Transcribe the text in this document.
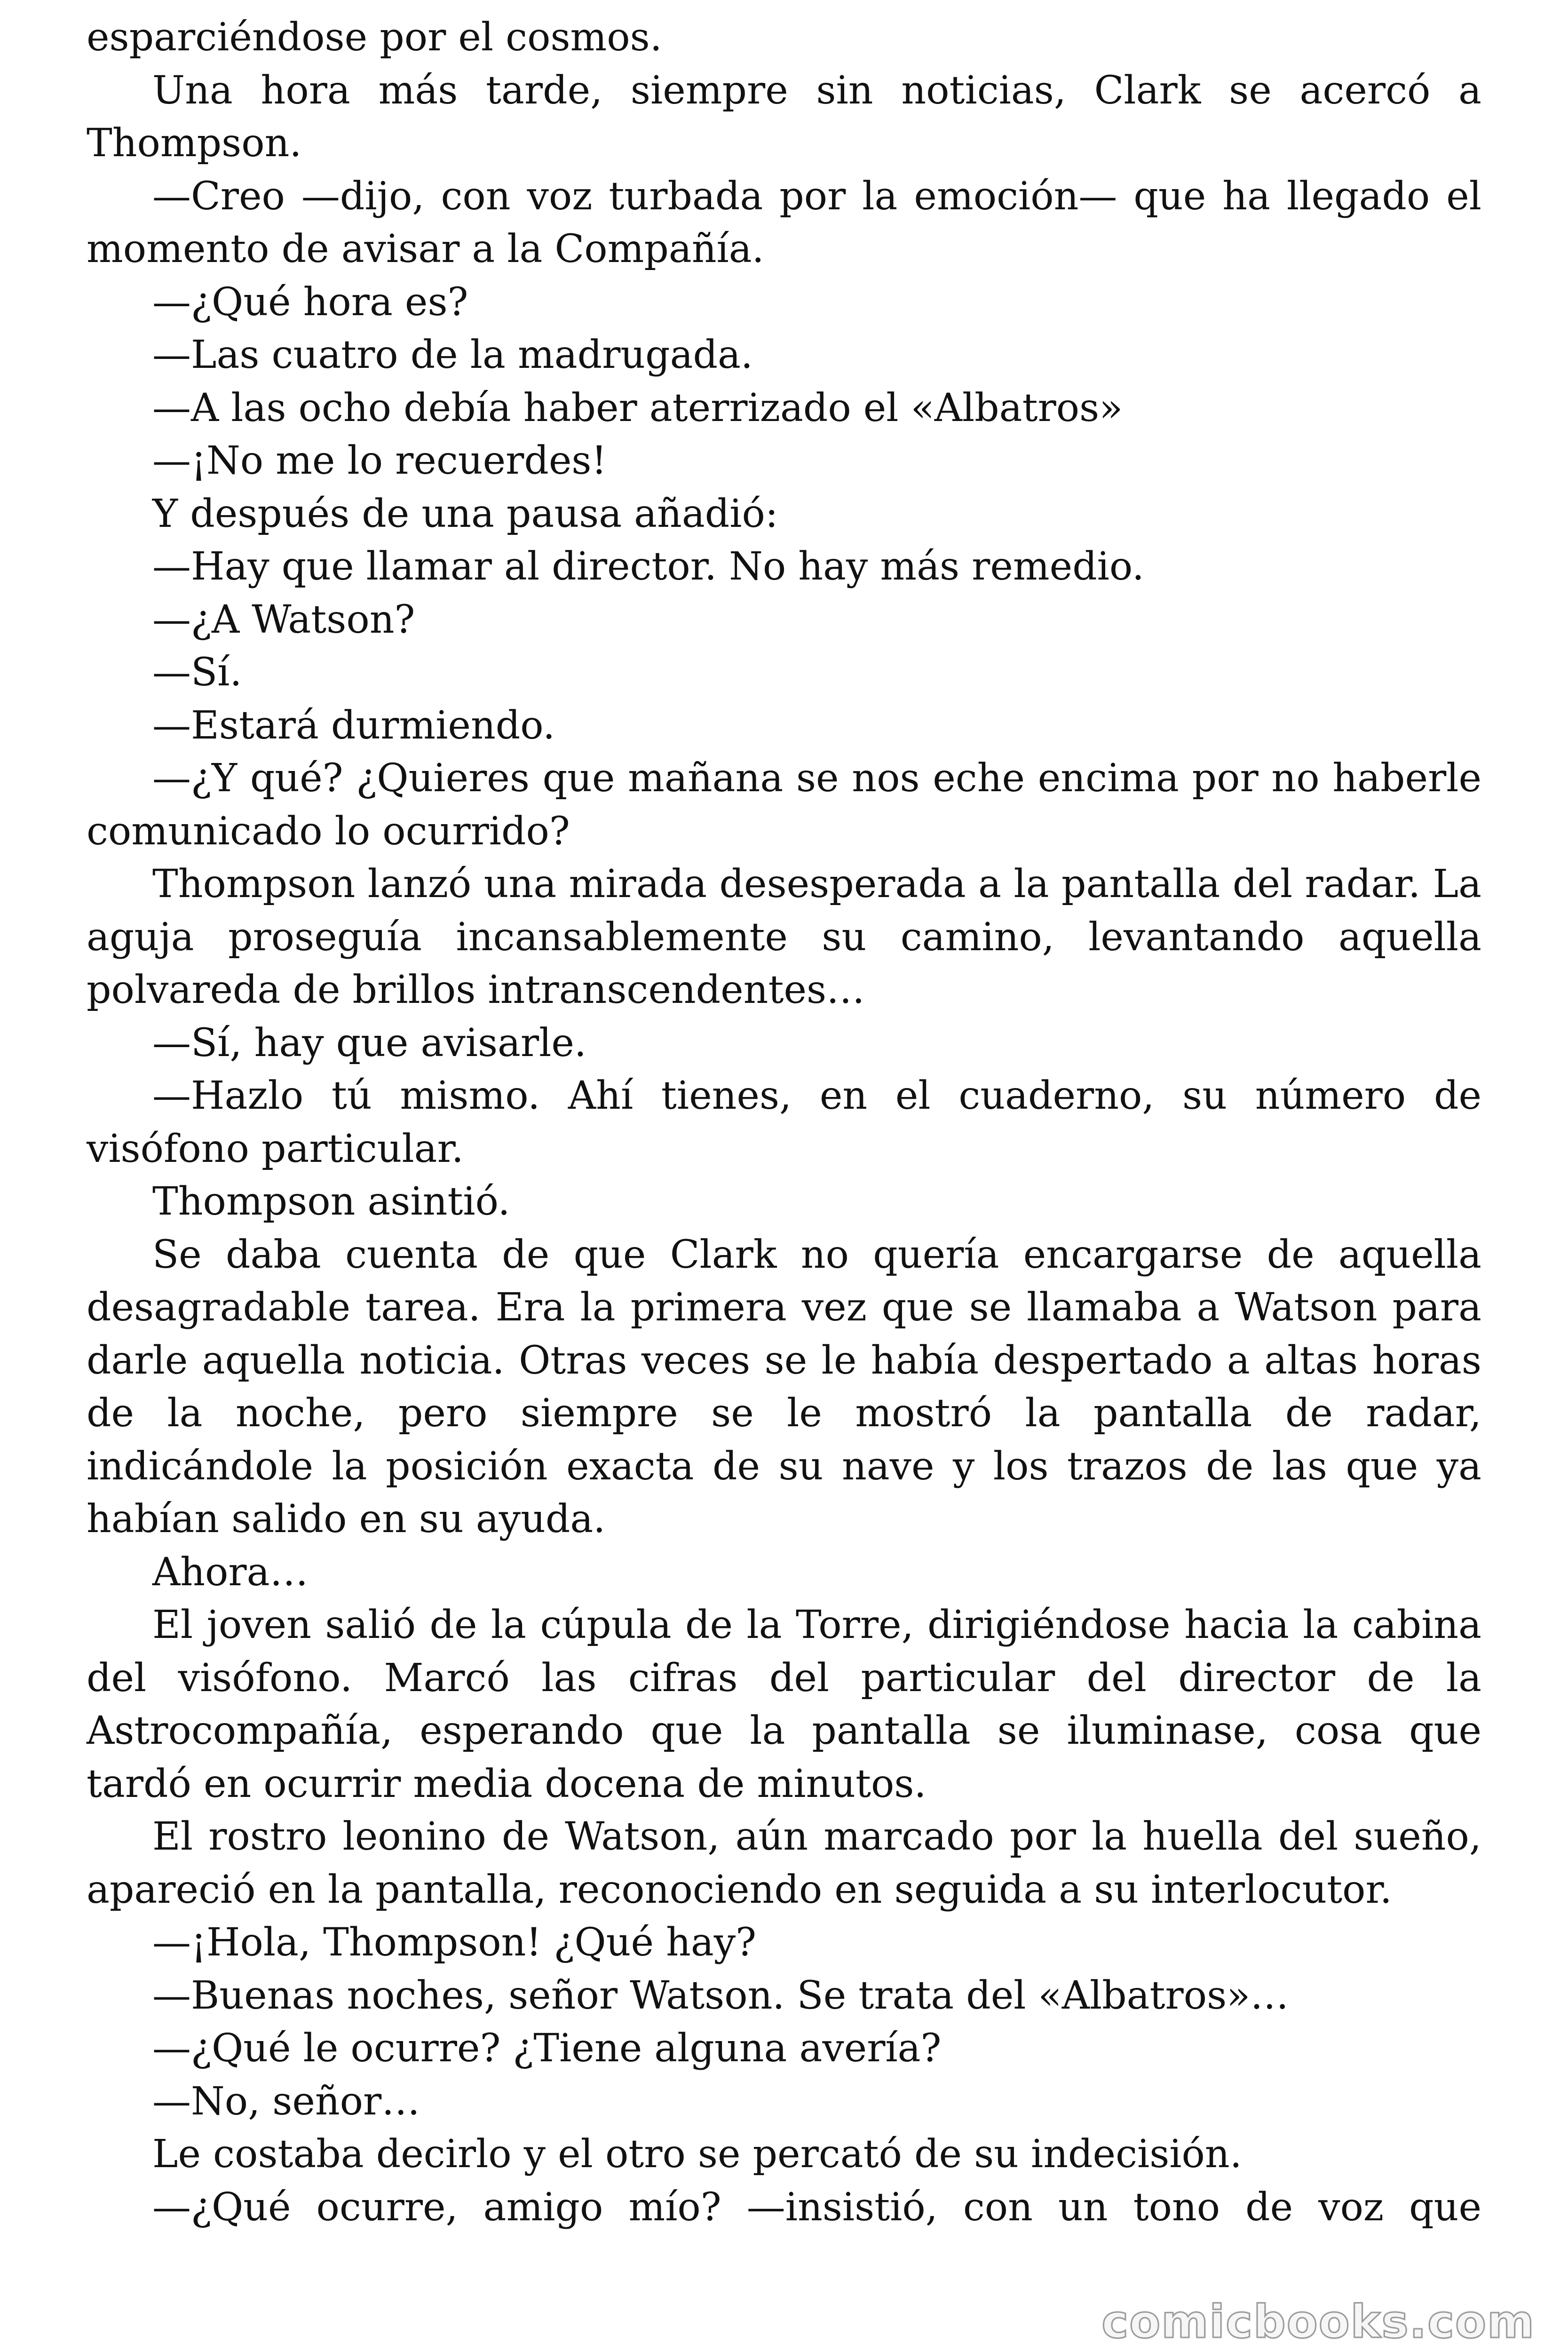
esparciéndose por el cosmos.

Una hora más tarde, siempre sin noticias, Clark se acercó a Thompson.

—Creo —dijo, con voz turbada por la emoción— que ha llegado el momento de avisar a la Compañía.

—¿Qué hora es?

—Las cuatro de la madrugada.

—A las ocho debía haber aterrizado el «Albatros»

—¡No me lo recuerdes!

Y después de una pausa añadió:

—Hay que llamar al director. No hay más remedio.

—¿A Watson?

—Sí.

—Estará durmiendo.

—¿Y qué? ¿Quieres que mañana se nos eche encima por no haberle comunicado lo ocurrido?

Thompson lanzó una mirada desesperada a la pantalla del radar. La aguja proseguía incansablemente su camino, levantando aquella polvareda de brillos intranscendentes…

—Sí, hay que avisarle.

—Hazlo tú mismo. Ahí tienes, en el cuaderno, su número de visófono particular.

Thompson asintió.

Se daba cuenta de que Clark no quería encargarse de aquella desagradable tarea. Era la primera vez que se llamaba a Watson para darle aquella noticia. Otras veces se le había despertado a altas horas de la noche, pero siempre se le mostró la pantalla de radar, indicándole la posición exacta de su nave y los trazos de las que ya habían salido en su ayuda.

Ahora…

El joven salió de la cúpula de la Torre, dirigiéndose hacia la cabina del visófono. Marcó las cifras del particular del director de la Astrocompañía, esperando que la pantalla se iluminase, cosa que tardó en ocurrir media docena de minutos.

El rostro leonino de Watson, aún marcado por la huella del sueño, apareció en la pantalla, reconociendo en seguida a su interlocutor.

—¡Hola, Thompson! ¿Qué hay?

—Buenas noches, señor Watson. Se trata del «Albatros»…

—¿Qué le ocurre? ¿Tiene alguna avería?

—No, señor…

Le costaba decirlo y el otro se percató de su indecisión.

—¿Qué ocurre, amigo mío? —insistió, con un tono de voz que

comicbooks.com
